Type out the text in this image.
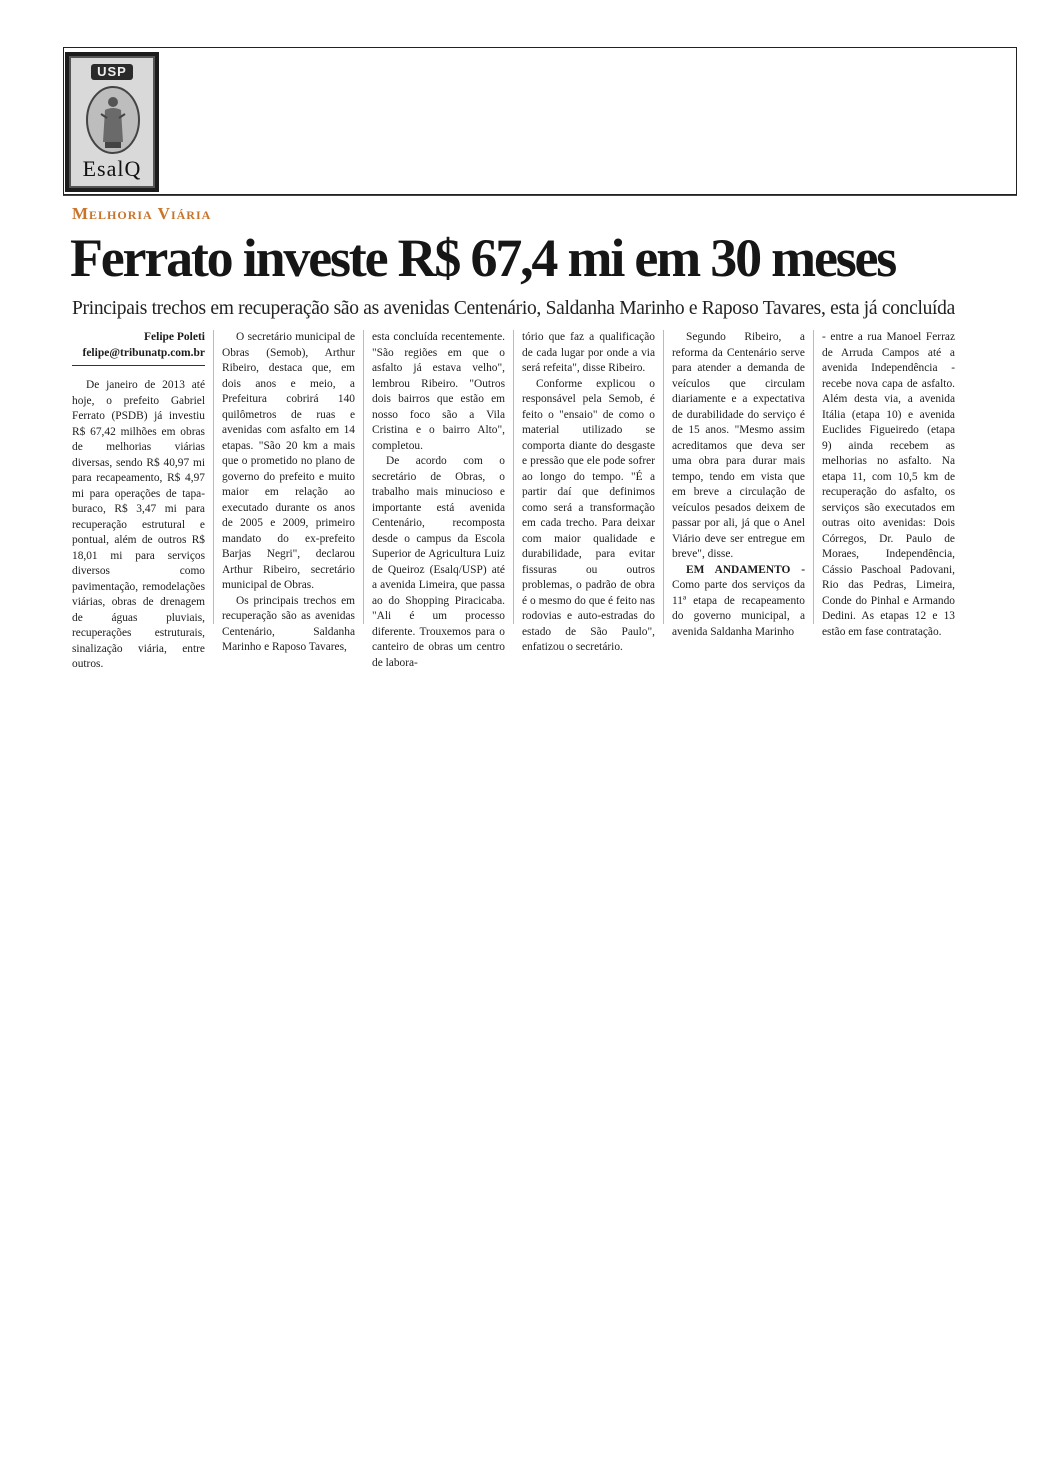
USP
EsalQ
Melhoria Viária
Ferrato investe R$ 67,4 mi em 30 meses
Principais trechos em recuperação são as avenidas Centenário, Saldanha Marinho e Raposo Tavares, esta já concluída
Felipe Poleti
felipe@tribunatp.com.br

De janeiro de 2013 até hoje, o prefeito Gabriel Ferrato (PSDB) já investiu R$ 67,42 milhões em obras de melhorias viárias diversas, sendo R$ 40,97 mi para recapeamento, R$ 4,97 mi para operações de tapa-buraco, R$ 3,47 mi para recuperação estrutural e pontual, além de outros R$ 18,01 mi para serviços diversos como pavimentação, remodelações viárias, obras de drenagem de águas pluviais, recuperações estruturais, sinalização viária, entre outros.

O secretário municipal de Obras (Semob), Arthur Ribeiro, destaca que, em dois anos e meio, a Prefeitura cobrirá 140 quilômetros de ruas e avenidas com asfalto em 14 etapas. "São 20 km a mais que o prometido no plano de governo do prefeito e muito maior em relação ao executado durante os anos de 2005 e 2009, primeiro mandato do ex-prefeito Barjas Negri", declarou Arthur Ribeiro, secretário municipal de Obras.

Os principais trechos em recuperação são as avenidas Centenário, Saldanha Marinho e Raposo Tavares,

esta concluída recentemente. "São regiões em que o asfalto já estava velho", lembrou Ribeiro. "Outros dois bairros que estão em nosso foco são a Vila Cristina e o bairro Alto", completou.

De acordo com o secretário de Obras, o trabalho mais minucioso e importante está avenida Centenário, recomposta desde o campus da Escola Superior de Agricultura Luiz de Queiroz (Esalq/USP) até a avenida Limeira, que passa ao do Shopping Piracicaba. "Ali é um processo diferente. Trouxemos para o canteiro de obras um centro de labora-

tório que faz a qualificação de cada lugar por onde a via será refeita", disse Ribeiro.

Conforme explicou o responsável pela Semob, é feito o "ensaio" de como o material utilizado se comporta diante do desgaste e pressão que ele pode sofrer ao longo do tempo. "É a partir daí que definimos como será a transformação em cada trecho. Para deixar com maior qualidade e durabilidade, para evitar fissuras ou outros problemas, o padrão de obra é o mesmo do que é feito nas rodovias e auto-estradas do estado de São Paulo", enfatizou o secretário.

Segundo Ribeiro, a reforma da Centenário serve para atender a demanda de veículos que circulam diariamente e a expectativa de durabilidade do serviço é de 15 anos. "Mesmo assim acreditamos que deva ser uma obra para durar mais tempo, tendo em vista que em breve a circulação de veículos pesados deixem de passar por ali, já que o Anel Viário deve ser entregue em breve", disse.

EM ANDAMENTO - Como parte dos serviços da 11ª etapa de recapeamento do governo municipal, a avenida Saldanha Marinho

- entre a rua Manoel Ferraz de Arruda Campos até a avenida Independência - recebe nova capa de asfalto. Além desta via, a avenida Itália (etapa 10) e avenida Euclides Figueiredo (etapa 9) ainda recebem as melhorias no asfalto. Na etapa 11, com 10,5 km de recuperação do asfalto, os serviços são executados em outras oito avenidas: Dois Córregos, Dr. Paulo de Moraes, Independência, Cássio Paschoal Padovani, Rio das Pedras, Limeira, Conde do Pinhal e Armando Dedini. As etapas 12 e 13 estão em fase contratação.
